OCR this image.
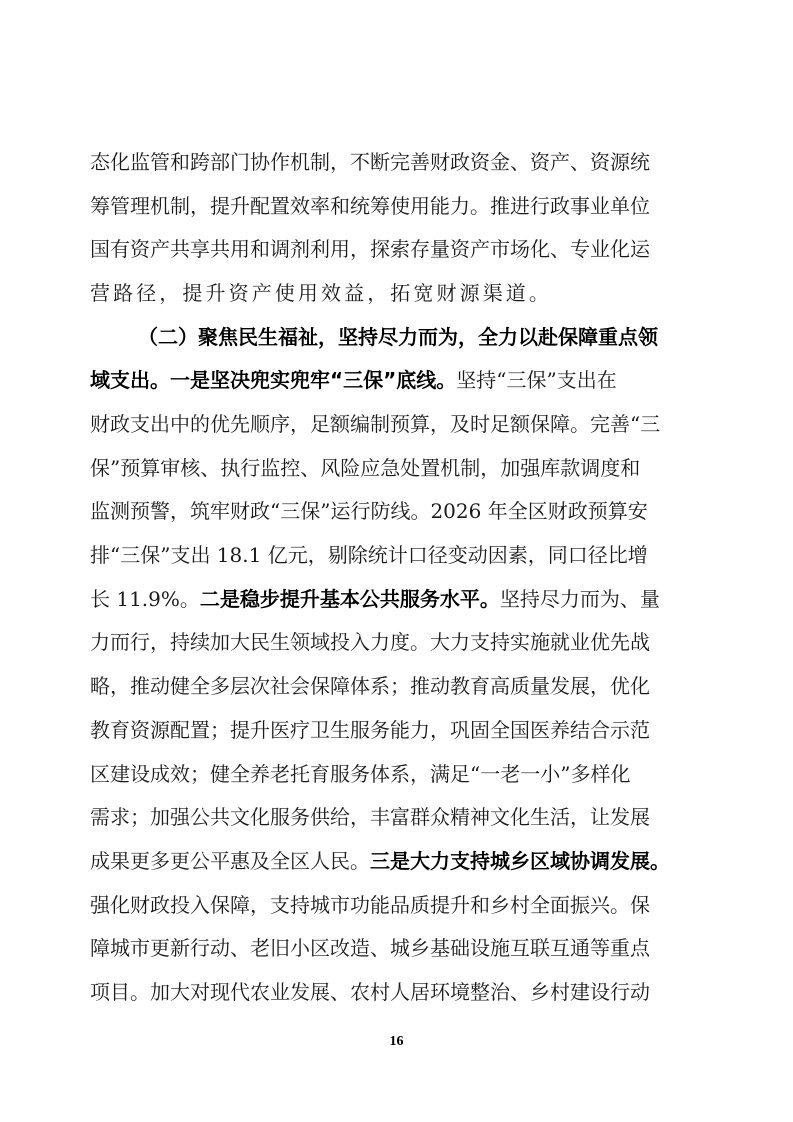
态化监管和跨部门协作机制，不断完善财政资金、资产、资源统
筹管理机制，提升配置效率和统筹使用能力。推进行政事业单位
国有资产共享共用和调剂利用，探索存量资产市场化、专业化运
营路径，提升资产使用效益，拓宽财源渠道。
（二）聚焦民生福祉，坚持尽力而为，全力以赴保障重点领
域支出。一是坚决兜实兜牢“三保”底线。坚持“三保”支出在
财政支出中的优先顺序，足额编制预算，及时足额保障。完善“三
保”预算审核、执行监控、风险应急处置机制，加强库款调度和
监测预警，筑牢财政“三保”运行防线。2026 年全区财政预算安
排“三保”支出 18.1 亿元，剔除统计口径变动因素，同口径比增
长 11.9%。二是稳步提升基本公共服务水平。坚持尽力而为、量
力而行，持续加大民生领域投入力度。大力支持实施就业优先战
略，推动健全多层次社会保障体系；推动教育高质量发展，优化
教育资源配置；提升医疗卫生服务能力，巩固全国医养结合示范
区建设成效；健全养老托育服务体系，满足“一老一小”多样化
需求；加强公共文化服务供给，丰富群众精神文化生活，让发展
成果更多更公平惠及全区人民。三是大力支持城乡区域协调发展。
强化财政投入保障，支持城市功能品质提升和乡村全面振兴。保
障城市更新行动、老旧小区改造、城乡基础设施互联互通等重点
项目。加大对现代农业发展、农村人居环境整治、乡村建设行动
16
